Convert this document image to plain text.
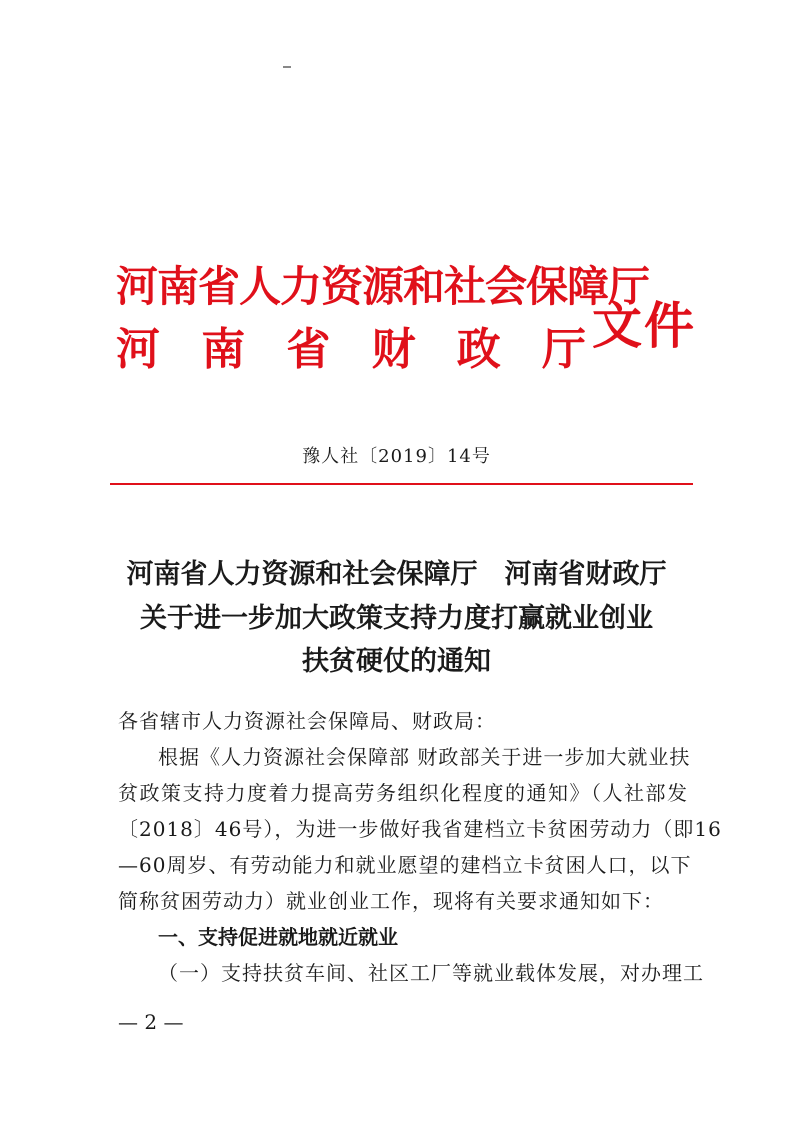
河南省人力资源和社会保障厅
河 南 省 财 政 厅 文件
豫人社〔2019〕14号
河南省人力资源和社会保障厅　河南省财政厅
关于进一步加大政策支持力度打赢就业创业
扶贫硬仗的通知
各省辖市人力资源社会保障局、财政局：
根据《人力资源社会保障部 财政部关于进一步加大就业扶
贫政策支持力度着力提高劳务组织化程度的通知》（人社部发
〔2018〕46号），为进一步做好我省建档立卡贫困劳动力（即16
—60周岁、有劳动能力和就业愿望的建档立卡贫困人口，以下
简称贫困劳动力）就业创业工作，现将有关要求通知如下：
一、支持促进就地就近就业
（一）支持扶贫车间、社区工厂等就业载体发展，对办理工
— 2 —
